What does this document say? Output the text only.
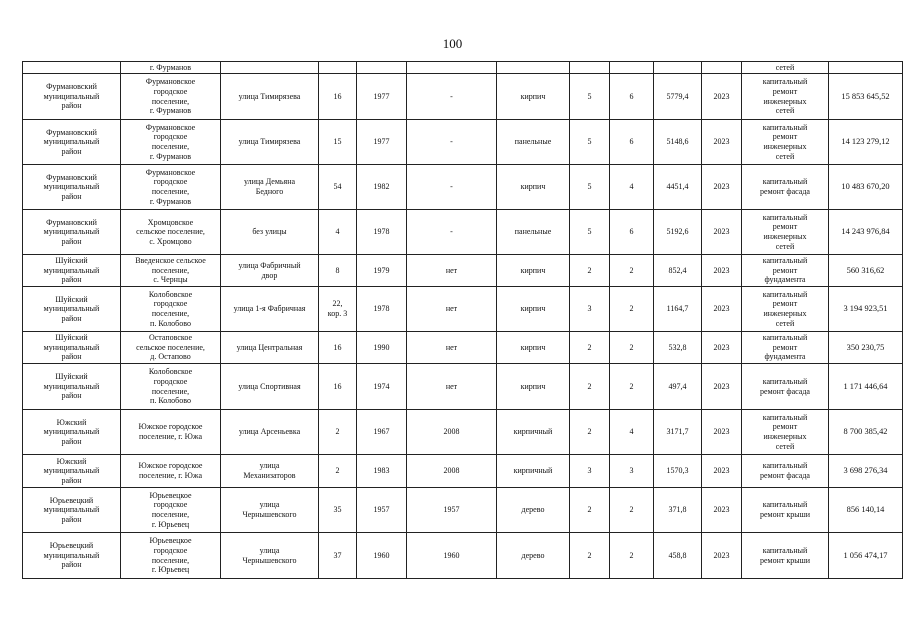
100

	г. Фурманов										сетей	

Фурмановский
муниципальный
район	Фурмановское
городское
поселение,
г. Фурманов	улица Тимирязева	16	1977	-	кирпич	5	6	5779,4	2023	капитальный
ремонт
инженерных
сетей	15 853 645,52

Фурмановский
муниципальный
район	Фурмановское
городское
поселение,
г. Фурманов	улица Тимирязева	15	1977	-	панельные	5	6	5148,6	2023	капитальный
ремонт
инженерных
сетей	14 123 279,12

Фурмановский
муниципальный
район	Фурмановское
городское
поселение,
г. Фурманов	улица Демьяна
Бедного	54	1982	-	кирпич	5	4	4451,4	2023	капитальный
ремонт фасада	10 483 670,20

Фурмановский
муниципальный
район	Хромцовское
сельское поселение,
с. Хромцово	без улицы	4	1978	-	панельные	5	6	5192,6	2023	капитальный
ремонт
инженерных
сетей	14 243 976,84

Шуйский
муниципальный
район	Введенское сельское
поселение,
с. Чернцы	улица Фабричный
двор	8	1979	нет	кирпич	2	2	852,4	2023	капитальный
ремонт
фундамента	560 316,62

Шуйский
муниципальный
район	Колобовское
городское
поселение,
п. Колобово	улица 1-я Фабричная	22,
кор. 3	1978	нет	кирпич	3	2	1164,7	2023	капитальный
ремонт
инженерных
сетей	3 194 923,51

Шуйский
муниципальный
район	Остаповское
сельское поселение,
д. Остапово	улица Центральная	16	1990	нет	кирпич	2	2	532,8	2023	капитальный
ремонт
фундамента	350 230,75

Шуйский
муниципальный
район	Колобовское
городское
поселение,
п. Колобово	улица Спортивная	16	1974	нет	кирпич	2	2	497,4	2023	капитальный
ремонт фасада	1 171 446,64

Южский
муниципальный
район	Южское городское
поселение, г. Южа	улица Арсеньевка	2	1967	2008	кирпичный	2	4	3171,7	2023	капитальный
ремонт
инженерных
сетей	8 700 385,42

Южский
муниципальный
район	Южское городское
поселение, г. Южа	улица
Механизаторов	2	1983	2008	кирпичный	3	3	1570,3	2023	капитальный
ремонт фасада	3 698 276,34

Юрьевецкий
муниципальный
район	Юрьевецкое
городское
поселение,
г. Юрьевец	улица
Чернышевского	35	1957	1957	дерево	2	2	371,8	2023	капитальный
ремонт крыши	856 140,14

Юрьевецкий
муниципальный
район	Юрьевецкое
городское
поселение,
г. Юрьевец	улица
Чернышевского	37	1960	1960	дерево	2	2	458,8	2023	капитальный
ремонт крыши	1 056 474,17
